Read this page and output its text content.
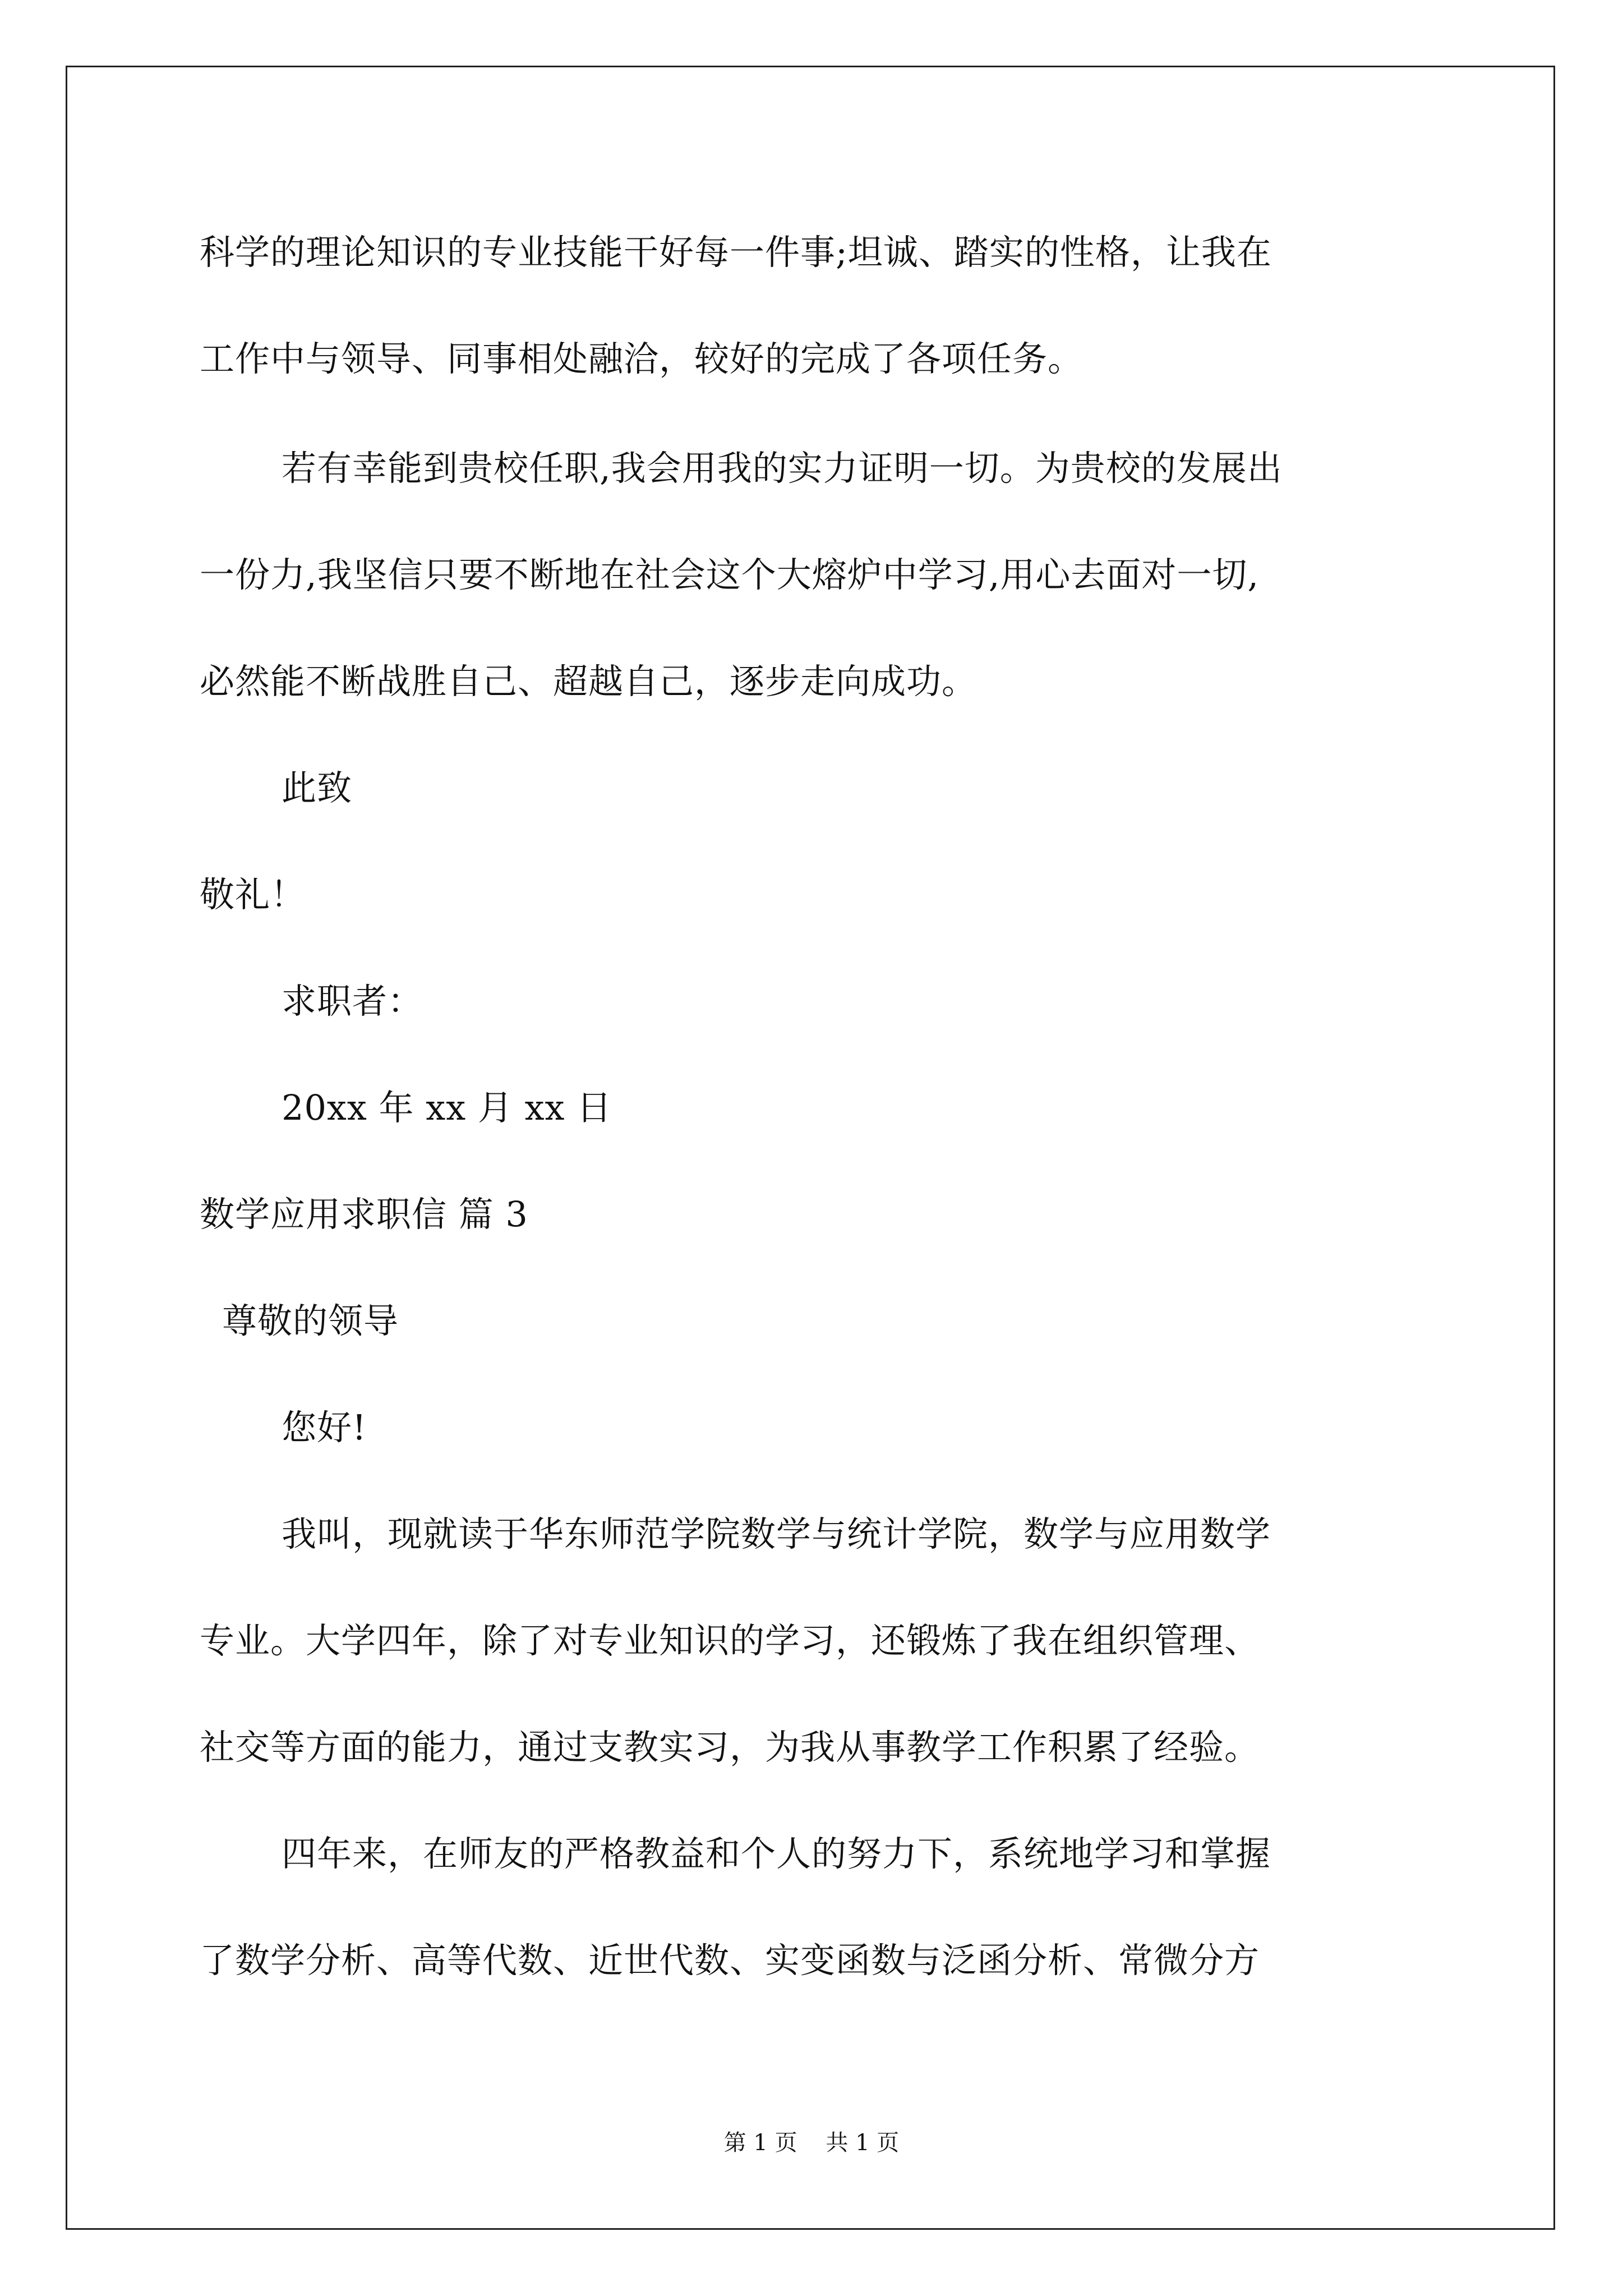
科学的理论知识的专业技能干好每一件事;坦诚、踏实的性格，让我在
工作中与领导、同事相处融洽，较好的完成了各项任务。
若有幸能到贵校任职,我会用我的实力证明一切。为贵校的发展出
一份力,我坚信只要不断地在社会这个大熔炉中学习,用心去面对一切,
必然能不断战胜自己、超越自己，逐步走向成功。
此致
敬礼！
求职者：
20xx 年 xx 月 xx 日
数学应用求职信 篇 3
尊敬的领导
您好!
我叫，现就读于华东师范学院数学与统计学院，数学与应用数学
专业。大学四年，除了对专业知识的学习，还锻炼了我在组织管理、
社交等方面的能力，通过支教实习，为我从事教学工作积累了经验。
四年来，在师友的严格教益和个人的努力下，系统地学习和掌握
了数学分析、高等代数、近世代数、实变函数与泛函分析、常微分方
第 1 页    共 1 页
